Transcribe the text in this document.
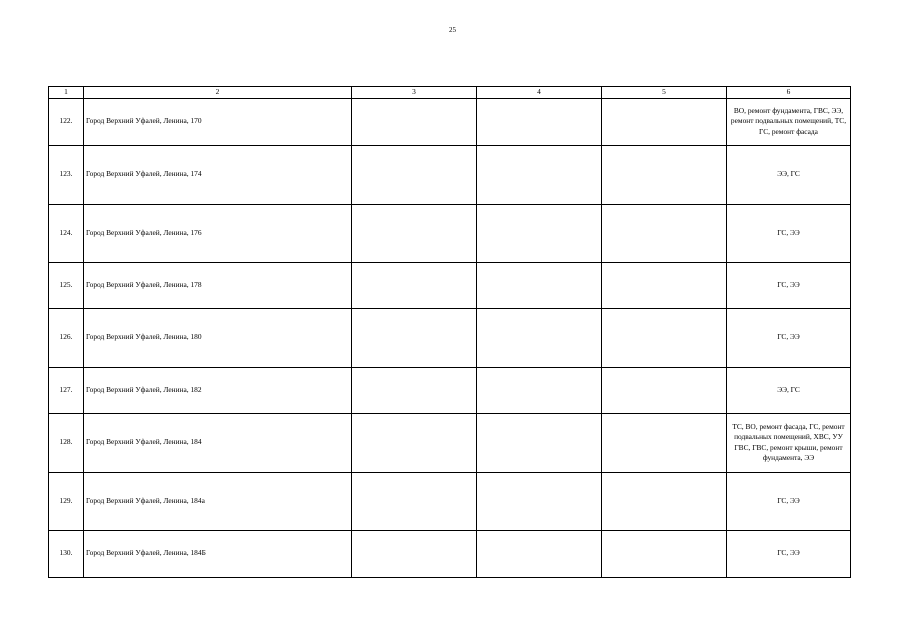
25
1	2	3	4	5	6
122.	Город Верхний Уфалей, Ленина, 170				ВО, ремонт фундамента, ГВС, ЭЭ, ремонт подвальных помещений, ТС, ГС, ремонт фасада
123.	Город Верхний Уфалей, Ленина, 174				ЭЭ, ГС
124.	Город Верхний Уфалей, Ленина, 176				ГС, ЭЭ
125.	Город Верхний Уфалей, Ленина, 178				ГС, ЭЭ
126.	Город Верхний Уфалей, Ленина, 180				ГС, ЭЭ
127.	Город Верхний Уфалей, Ленина, 182				ЭЭ, ГС
128.	Город Верхний Уфалей, Ленина, 184				ТС, ВО, ремонт фасада, ГС, ремонт подвальных помещений, ХВС, УУ ГВС, ГВС, ремонт крыши, ремонт фундамента, ЭЭ
129.	Город Верхний Уфалей, Ленина, 184а				ГС, ЭЭ
130.	Город Верхний Уфалей, Ленина, 184Б				ГС, ЭЭ
